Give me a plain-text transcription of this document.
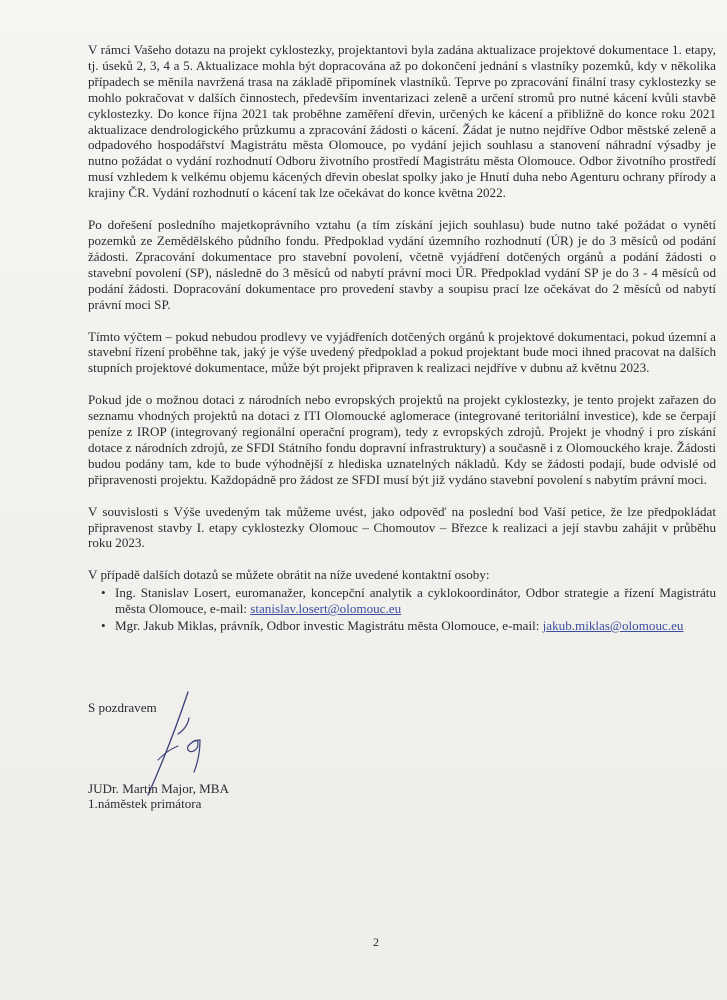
V rámci Vašeho dotazu na projekt cyklostezky, projektantovi byla zadána aktualizace projektové dokumentace 1. etapy, tj. úseků 2, 3, 4 a 5. Aktualizace mohla být dopracována až po dokončení jednání s vlastníky pozemků, kdy v několika případech se měnila navržená trasa na základě připomínek vlastníků. Teprve po zpracování finální trasy cyklostezky se mohlo pokračovat v dalších činnostech, především inventarizaci zeleně a určení stromů pro nutné kácení kvůli stavbě cyklostezky. Do konce října 2021 tak proběhne zaměření dřevin, určených ke kácení a přibližně do konce roku 2021 aktualizace dendrologického průzkumu a zpracování žádosti o kácení. Žádat je nutno nejdříve Odbor městské zeleně a odpadového hospodářství Magistrátu města Olomouce, po vydání jejich souhlasu a stanovení náhradní výsadby je nutno požádat o vydání rozhodnutí Odboru životního prostředí Magistrátu města Olomouce. Odbor životního prostředí musí vzhledem k velkému objemu kácených dřevin obeslat spolky jako je Hnutí duha nebo Agenturu ochrany přírody a krajiny ČR. Vydání rozhodnutí o kácení tak lze očekávat do konce května 2022.

Po dořešení posledního majetkoprávního vztahu (a tím získání jejich souhlasu) bude nutno také požádat o vynětí pozemků ze Zemědělského půdního fondu. Předpoklad vydání územního rozhodnutí (ÚR) je do 3 měsíců od podání žádosti. Zpracování dokumentace pro stavební povolení, včetně vyjádření dotčených orgánů a podání žádosti o stavební povolení (SP), následně do 3 měsíců od nabytí právní moci ÚR. Předpoklad vydání SP je do 3 - 4 měsíců od podání žádosti. Dopracování dokumentace pro provedení stavby a soupisu prací lze očekávat do 2 měsíců od nabytí právní moci SP.

Tímto výčtem – pokud nebudou prodlevy ve vyjádřeních dotčených orgánů k projektové dokumentaci, pokud územní a stavební řízení proběhne tak, jaký je výše uvedený předpoklad a pokud projektant bude moci ihned pracovat na dalších stupních projektové dokumentace, může být projekt připraven k realizaci nejdříve v dubnu až květnu 2023.

Pokud jde o možnou dotaci z národních nebo evropských projektů na projekt cyklostezky, je tento projekt zařazen do seznamu vhodných projektů na dotaci z ITI Olomoucké aglomerace (integrované teritoriální investice), kde se čerpají peníze z IROP (integrovaný regionální operační program), tedy z evropských zdrojů. Projekt je vhodný i pro získání dotace z národních zdrojů, ze SFDI Státního fondu dopravní infrastruktury) a současně i z Olomouckého kraje. Žádosti budou podány tam, kde to bude výhodnější z hlediska uznatelných nákladů. Kdy se žádosti podají, bude odvislé od připravenosti projektu. Každopádně pro žádost ze SFDI musí být již vydáno stavební povolení s nabytím právní moci.

V souvislosti s Výše uvedeným tak můžeme uvést, jako odpověď na poslední bod Vaší petice, že lze předpokládat připravenost stavby I. etapy cyklostezky Olomouc – Chomoutov – Březce k realizaci a její stavbu zahájit v průběhu roku 2023.

V případě dalších dotazů se můžete obrátit na níže uvedené kontaktní osoby:

• Ing. Stanislav Losert, euromanažer, koncepční analytik a cyklokoordinátor, Odbor strategie a řízení Magistrátu města Olomouce, e-mail: stanislav.losert@olomouc.eu
• Mgr. Jakub Miklas, právník, Odbor investic Magistrátu města Olomouce, e-mail: jakub.miklas@olomouc.eu
S pozdravem
JUDr. Martin Major, MBA
1.náměstek primátora
2
